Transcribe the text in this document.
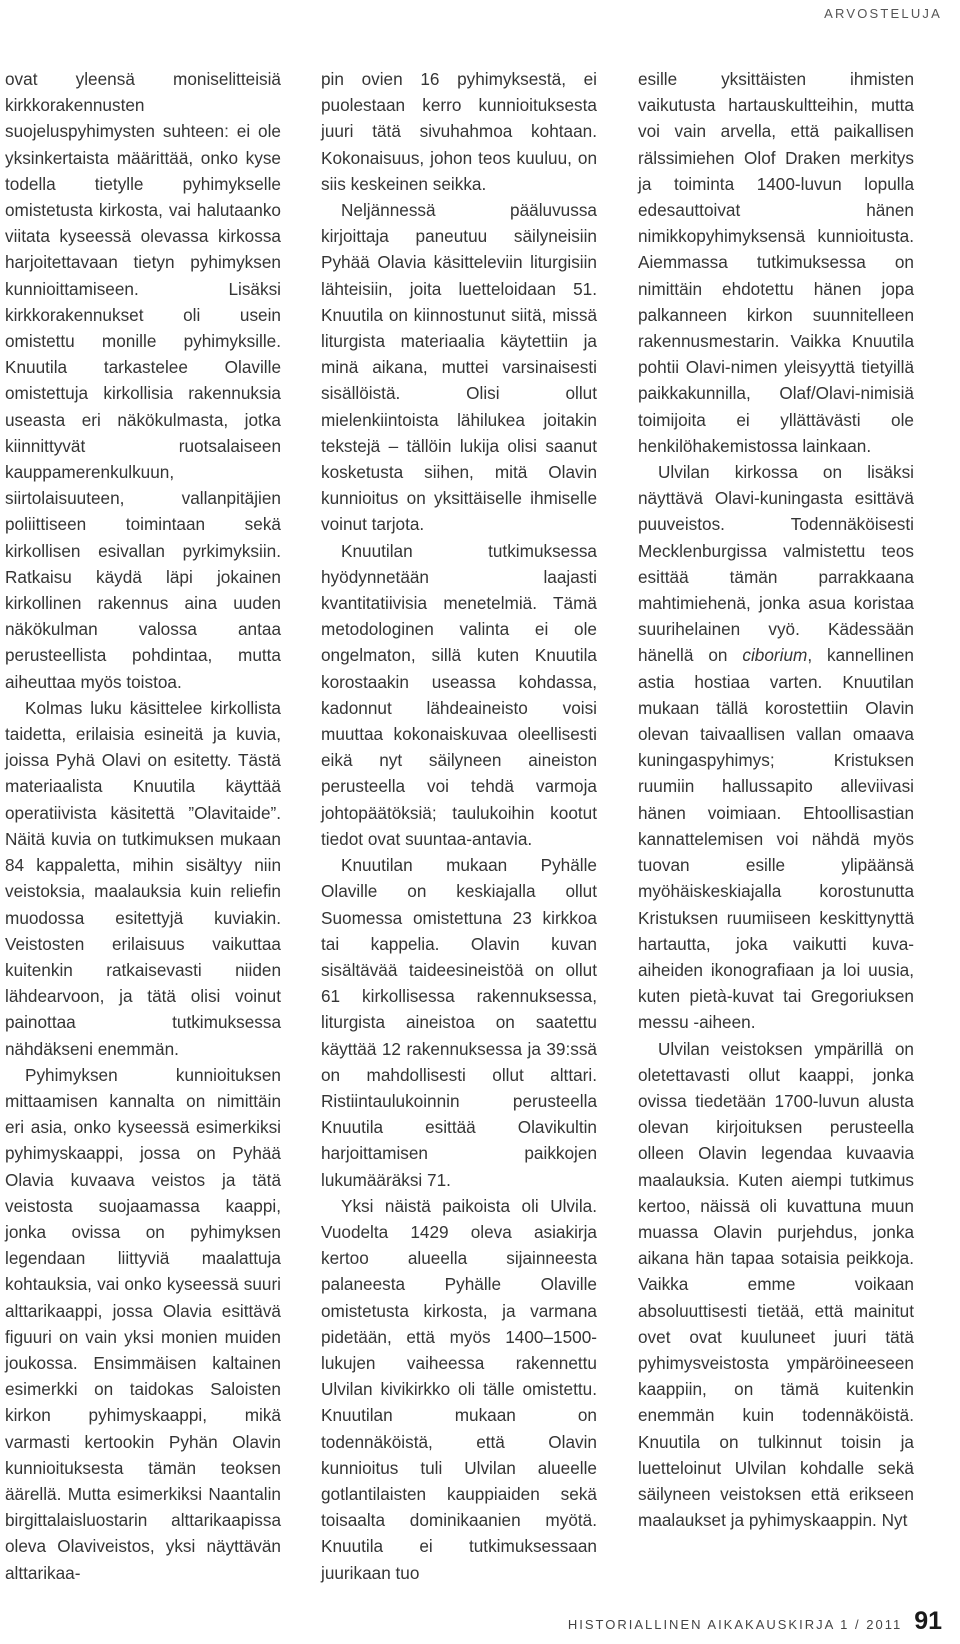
ARVOSTELUJA

ovat yleensä moniselitteisiä kirkkorakennusten suojeluspyhimysten suhteen: ei ole yksinkertaista määrittää, onko kyse todella tietylle pyhimykselle omistetusta kirkosta, vai halutaanko viitata kyseessä olevassa kirkossa harjoitettavaan tietyn pyhimyksen kunnioittamiseen. Lisäksi kirkkorakennukset oli usein omistettu monille pyhimyksille. Knuutila tarkastelee Olaville omistettuja kirkollisia rakennuksia useasta eri näkökulmasta, jotka kiinnittyvät ruotsalaiseen kauppamerenkulkuun, siirtolaisuuteen, vallanpitäjien poliittiseen toimintaan sekä kirkollisen esivallan pyrkimyksiin. Ratkaisu käydä läpi jokainen kirkollinen rakennus aina uuden näkökulman valossa antaa perusteellista pohdintaa, mutta aiheuttaa myös toistoa.

Kolmas luku käsittelee kirkollista taidetta, erilaisia esineitä ja kuvia, joissa Pyhä Olavi on esitetty. Tästä materiaalista Knuutila käyttää operatiivista käsitettä ”Olavitaide”. Näitä kuvia on tutkimuksen mukaan 84 kappaletta, mihin sisältyy niin veistoksia, maalauksia kuin reliefin muodossa esitettyjä kuviakin. Veistosten erilaisuus vaikuttaa kuitenkin ratkaisevasti niiden lähdearvoon, ja tätä olisi voinut painottaa tutkimuksessa nähdäkseni enemmän.

Pyhimyksen kunnioituksen mittaamisen kannalta on nimittäin eri asia, onko kyseessä esimerkiksi pyhimyskaappi, jossa on Pyhää Olavia kuvaava veistos ja tätä veistosta suojaamassa kaappi, jonka ovissa on pyhimyksen legendaan liittyviä maalattuja kohtauksia, vai onko kyseessä suuri alttarikaappi, jossa Olavia esittävä figuuri on vain yksi monien muiden joukossa. Ensimmäisen kaltainen esimerkki on taidokas Saloisten kirkon pyhimyskaappi, mikä varmasti kertookin Pyhän Olavin kunnioituksesta tämän teoksen äärellä. Mutta esimerkiksi Naantalin birgittalaisluostarin alttarikaapissa oleva Olaviveistos, yksi näyttävän alttarikaa-

pin ovien 16 pyhimyksestä, ei puolestaan kerro kunnioituksesta juuri tätä sivuhahmoa kohtaan. Kokonaisuus, johon teos kuuluu, on siis keskeinen seikka.

Neljännessä pääluvussa kirjoittaja paneutuu säilyneisiin Pyhää Olavia käsitteleviin liturgisiin lähteisiin, joita luetteloidaan 51. Knuutila on kiinnostunut siitä, missä liturgista materiaalia käytettiin ja minä aikana, muttei varsinaisesti sisällöistä. Olisi ollut mielenkiintoista lähilukea joitakin tekstejä – tällöin lukija olisi saanut kosketusta siihen, mitä Olavin kunnioitus on yksittäiselle ihmiselle voinut tarjota.

Knuutilan tutkimuksessa hyödynnetään laajasti kvantitatiivisia menetelmiä. Tämä metodologinen valinta ei ole ongelmaton, sillä kuten Knuutila korostaakin useassa kohdassa, kadonnut lähdeaineisto voisi muuttaa kokonaiskuvaa oleellisesti eikä nyt säilyneen aineiston perusteella voi tehdä varmoja johtopäätöksiä; taulukoihin kootut tiedot ovat suuntaa-antavia.

Knuutilan mukaan Pyhälle Olaville on keskiajalla ollut Suomessa omistettuna 23 kirkkoa tai kappelia. Olavin kuvan sisältävää taideesineistöä on ollut 61 kirkollisessa rakennuksessa, liturgista aineistoa on saatettu käyttää 12 rakennuksessa ja 39:ssä on mahdollisesti ollut alttari. Ristiintaulukoinnin perusteella Knuutila esittää Olavikultin harjoittamisen paikkojen lukumääräksi 71.

Yksi näistä paikoista oli Ulvila. Vuodelta 1429 oleva asiakirja kertoo alueella sijainneesta palaneesta Pyhälle Olaville omistetusta kirkosta, ja varmana pidetään, että myös 1400–1500-lukujen vaiheessa rakennettu Ulvilan kivikirkko oli tälle omistettu. Knuutilan mukaan on todennäköistä, että Olavin kunnioitus tuli Ulvilan alueelle gotlantilaisten kauppiaiden sekä toisaalta dominikaanien myötä. Knuutila ei tutkimuksessaan juurikaan tuo

esille yksittäisten ihmisten vaikutusta hartauskultteihin, mutta voi vain arvella, että paikallisen rälssimiehen Olof Draken merkitys ja toiminta 1400-luvun lopulla edesauttoivat hänen nimikkopyhimyksensä kunnioitusta. Aiemmassa tutkimuksessa on nimittäin ehdotettu hänen jopa palkanneen kirkon suunnitelleen rakennusmestarin. Vaikka Knuutila pohtii Olavi-nimen yleisyyttä tietyillä paikkakunnilla, Olaf/Olavi-nimisiä toimijoita ei yllättävästi ole henkilöhakemistossa lainkaan.

Ulvilan kirkossa on lisäksi näyttävä Olavi-kuningasta esittävä puuveistos. Todennäköisesti Mecklenburgissa valmistettu teos esittää tämän parrakkaana mahtimiehenä, jonka asua koristaa suurihelainen vyö. Kädessään hänellä on ciborium, kannellinen astia hostiaa varten. Knuutilan mukaan tällä korostettiin Olavin olevan taivaallisen vallan omaava kuningaspyhimys; Kristuksen ruumiin hallussapito alleviivasi hänen voimiaan. Ehtoollisastian kannattelemisen voi nähdä myös tuovan esille ylipäänsä myöhäiskeskiajalla korostunutta Kristuksen ruumiiseen keskittynyttä hartautta, joka vaikutti kuva-aiheiden ikonografiaan ja loi uusia, kuten pietà-kuvat tai Gregoriuksen messu -aiheen.

Ulvilan veistoksen ympärillä on oletettavasti ollut kaappi, jonka ovissa tiedetään 1700-luvun alusta olevan kirjoituksen perusteella olleen Olavin legendaa kuvaavia maalauksia. Kuten aiempi tutkimus kertoo, näissä oli kuvattuna muun muassa Olavin purjehdus, jonka aikana hän tapaa sotaisia peikkoja. Vaikka emme voikaan absoluuttisesti tietää, että mainitut ovet ovat kuuluneet juuri tätä pyhimysveistosta ympäröineeseen kaappiin, on tämä kuitenkin enemmän kuin todennäköistä. Knuutila on tulkinnut toisin ja luetteloinut Ulvilan kohdalle sekä säilyneen veistoksen että erikseen maalaukset ja pyhimyskaappin. Nyt

HISTORIALLINEN AIKAKAUSKIRJA 1 / 2011 91
